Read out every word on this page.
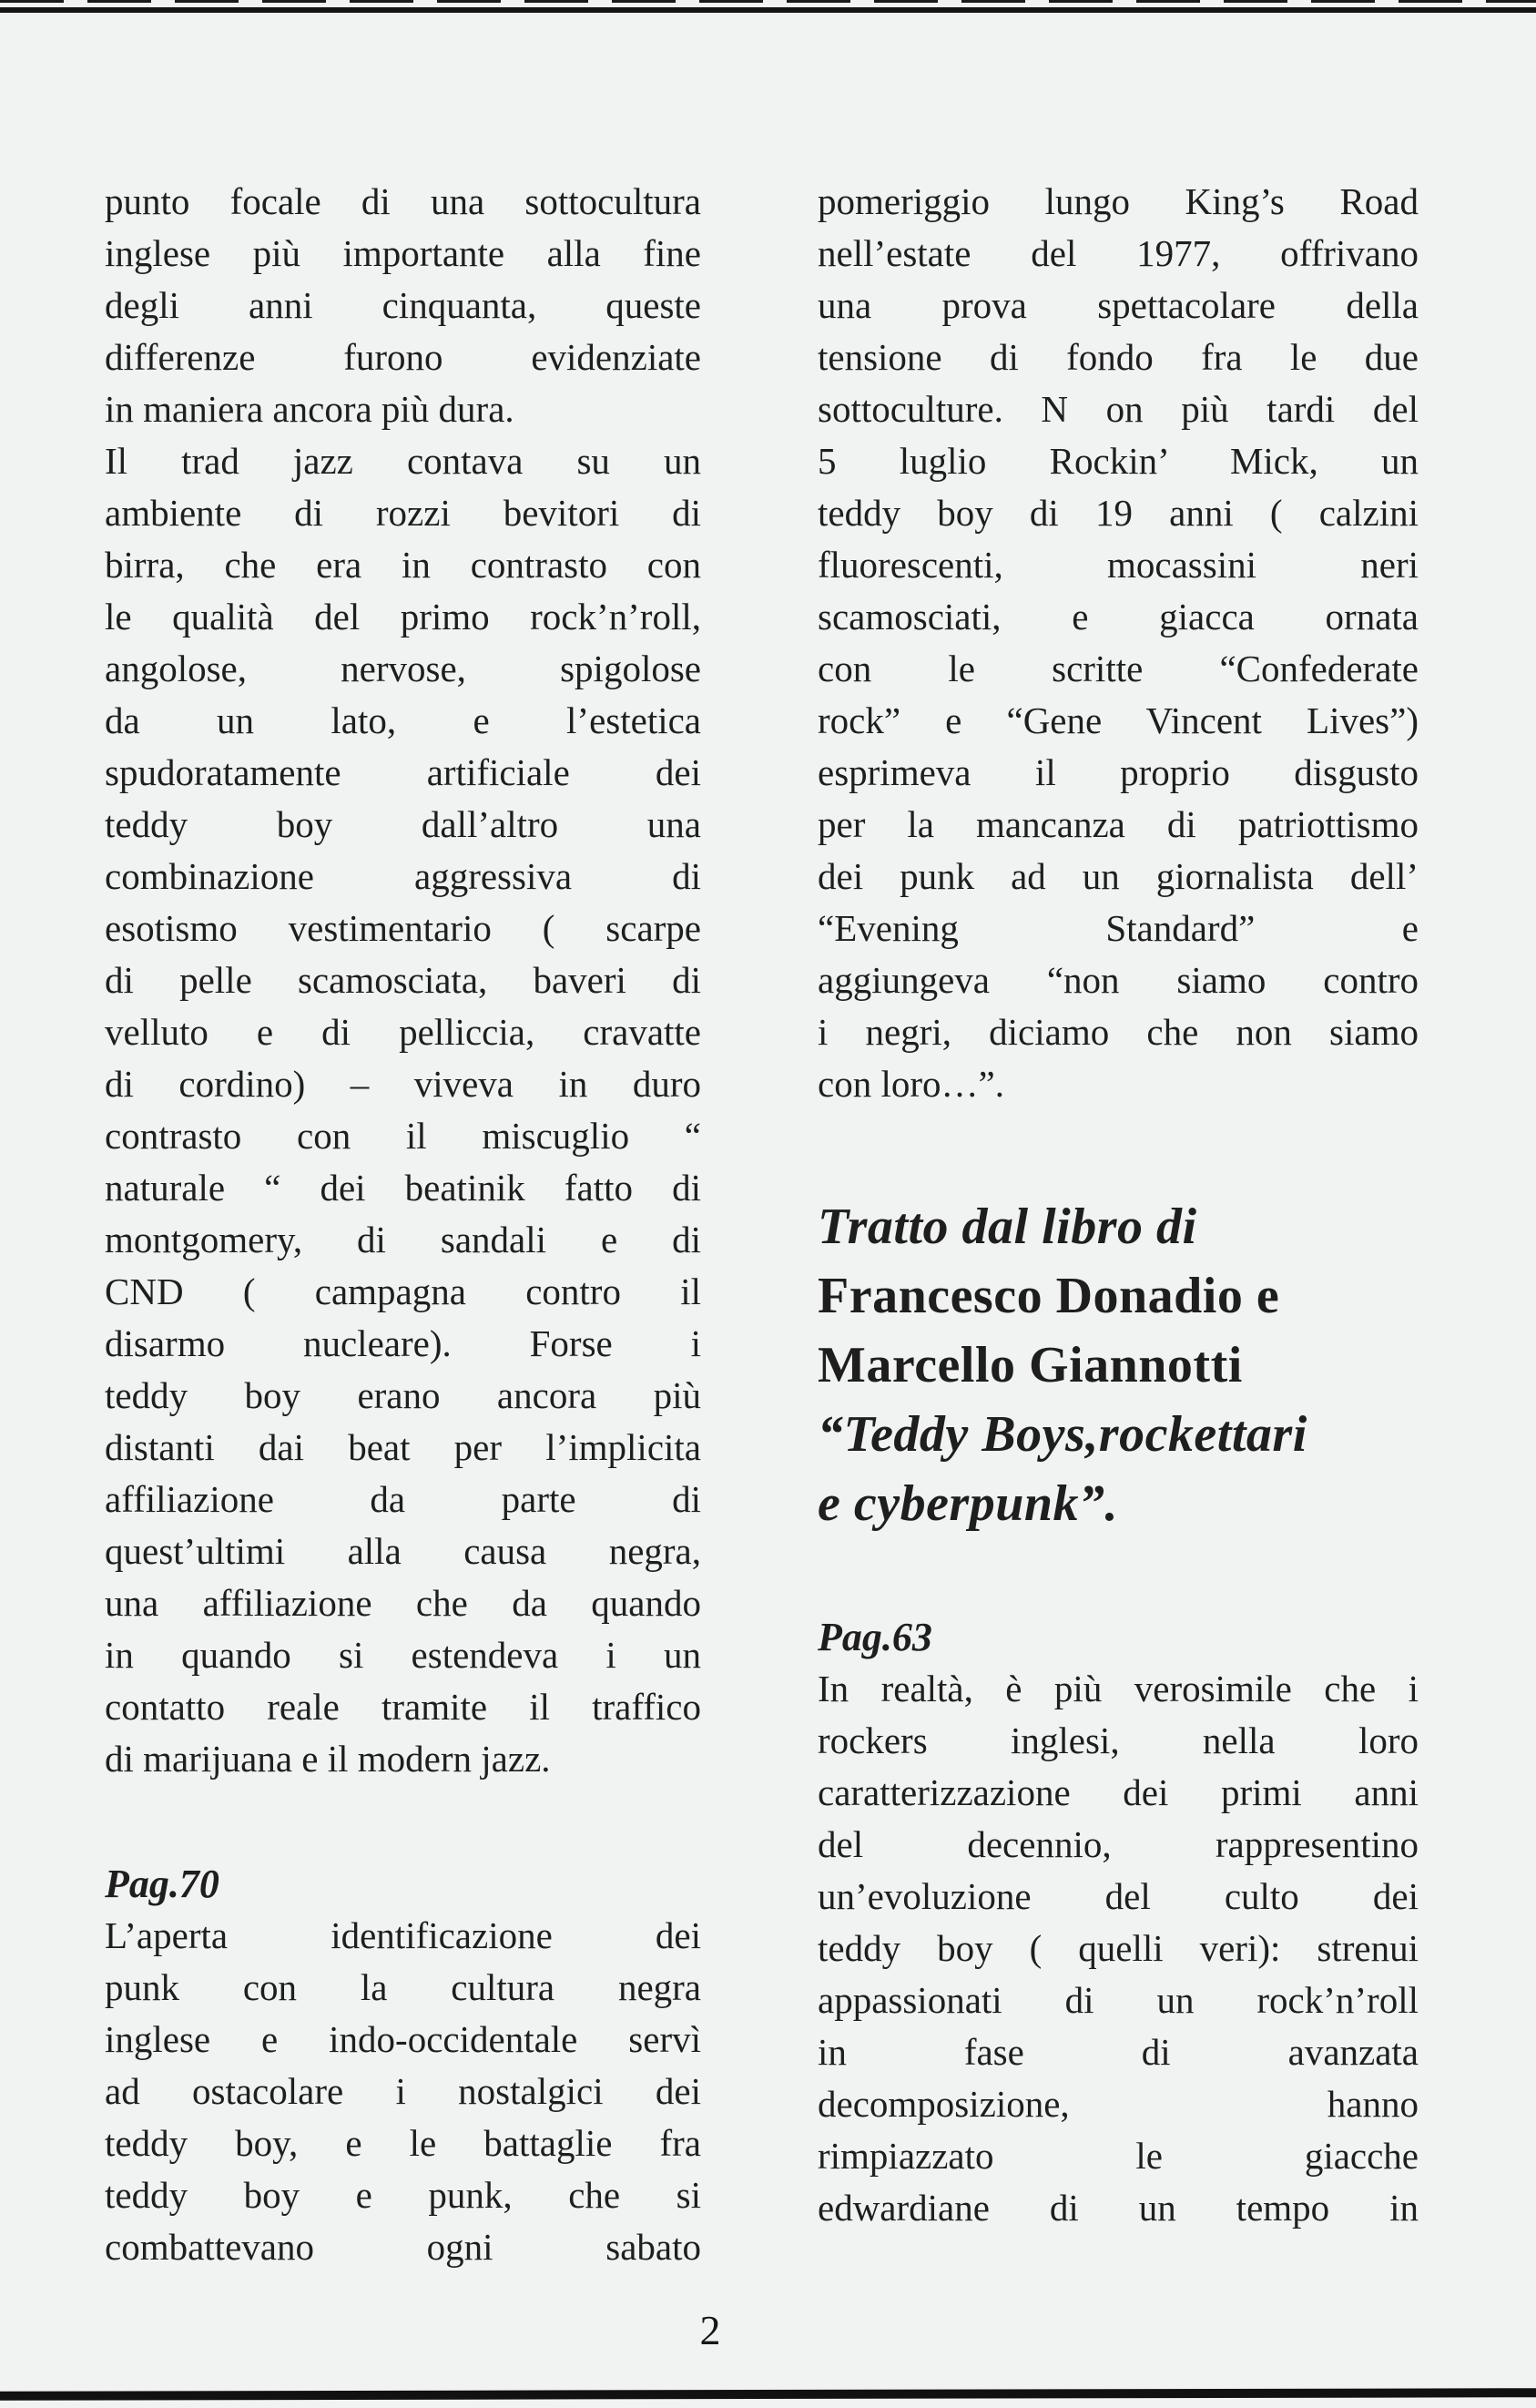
punto focale di una sottocultura
inglese più importante alla fine
degli anni cinquanta, queste
differenze furono evidenziate
in maniera ancora più dura.
Il trad jazz contava su un
ambiente di rozzi bevitori di
birra, che era in contrasto con
le qualità del primo rock’n’roll,
angolose, nervose, spigolose
da un lato, e l’estetica
spudoratamente artificiale dei
teddy boy dall’altro una
combinazione aggressiva di
esotismo vestimentario ( scarpe
di pelle scamosciata, baveri di
velluto e di pelliccia, cravatte
di cordino) – viveva in duro
contrasto con il miscuglio “
naturale “ dei beatinik fatto di
montgomery, di sandali e di
CND ( campagna contro il
disarmo nucleare). Forse i
teddy boy erano ancora più
distanti dai beat per l’implicita
affiliazione da parte di
quest’ultimi alla causa negra,
una affiliazione che da quando
in quando si estendeva i un
contatto reale tramite il traffico
di marijuana e il modern jazz.
Pag.70
L’aperta identificazione dei
punk con la cultura negra
inglese e indo-occidentale servì
ad ostacolare i nostalgici dei
teddy boy, e le battaglie fra
teddy boy e punk, che si
combattevano ogni sabato
pomeriggio lungo King’s Road
nell’estate del 1977, offrivano
una prova spettacolare della
tensione di fondo fra le due
sottoculture. N on più tardi del
5 luglio Rockin’ Mick, un
teddy boy di 19 anni ( calzini
fluorescenti, mocassini neri
scamosciati, e giacca ornata
con le scritte “Confederate
rock” e “Gene Vincent Lives”)
esprimeva il proprio disgusto
per la mancanza di patriottismo
dei punk ad un giornalista dell’
“Evening Standard” e
aggiungeva “non siamo contro
i negri, diciamo che non siamo
con loro…”.
Tratto dal libro di
Francesco Donadio e
Marcello Giannotti
“Teddy Boys,rockettari
e cyberpunk”.
Pag.63
In realtà, è più verosimile che i
rockers inglesi, nella loro
caratterizzazione dei primi anni
del decennio, rappresentino
un’evoluzione del culto dei
teddy boy ( quelli veri): strenui
appassionati di un rock’n’roll
in fase di avanzata
decomposizione, hanno
rimpiazzato le giacche
edwardiane di un tempo in
2
